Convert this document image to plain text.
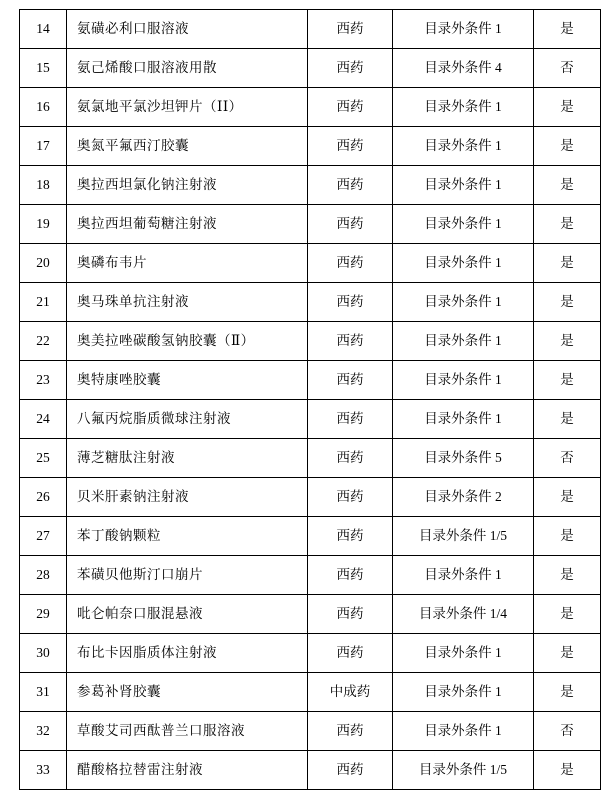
14	氨磺必利口服溶液	西药	目录外条件 1	是

15	氨己烯酸口服溶液用散	西药	目录外条件 4	否

16	氨氯地平氯沙坦钾片（ⅠⅠ）	西药	目录外条件 1	是

17	奥氮平氟西汀胶囊	西药	目录外条件 1	是

18	奥拉西坦氯化钠注射液	西药	目录外条件 1	是

19	奥拉西坦葡萄糖注射液	西药	目录外条件 1	是

20	奥磷布韦片	西药	目录外条件 1	是

21	奥马珠单抗注射液	西药	目录外条件 1	是

22	奥美拉唑碳酸氢钠胶囊（Ⅱ）	西药	目录外条件 1	是

23	奥特康唑胶囊	西药	目录外条件 1	是

24	八氟丙烷脂质微球注射液	西药	目录外条件 1	是

25	薄芝糖肽注射液	西药	目录外条件 5	否

26	贝米肝素钠注射液	西药	目录外条件 2	是

27	苯丁酸钠颗粒	西药	目录外条件 1/5	是

28	苯磺贝他斯汀口崩片	西药	目录外条件 1	是

29	吡仑帕奈口服混悬液	西药	目录外条件 1/4	是

30	布比卡因脂质体注射液	西药	目录外条件 1	是

31	参葛补肾胶囊	中成药	目录外条件 1	是

32	草酸艾司西酞普兰口服溶液	西药	目录外条件 1	否

33	醋酸格拉替雷注射液	西药	目录外条件 1/5	是
